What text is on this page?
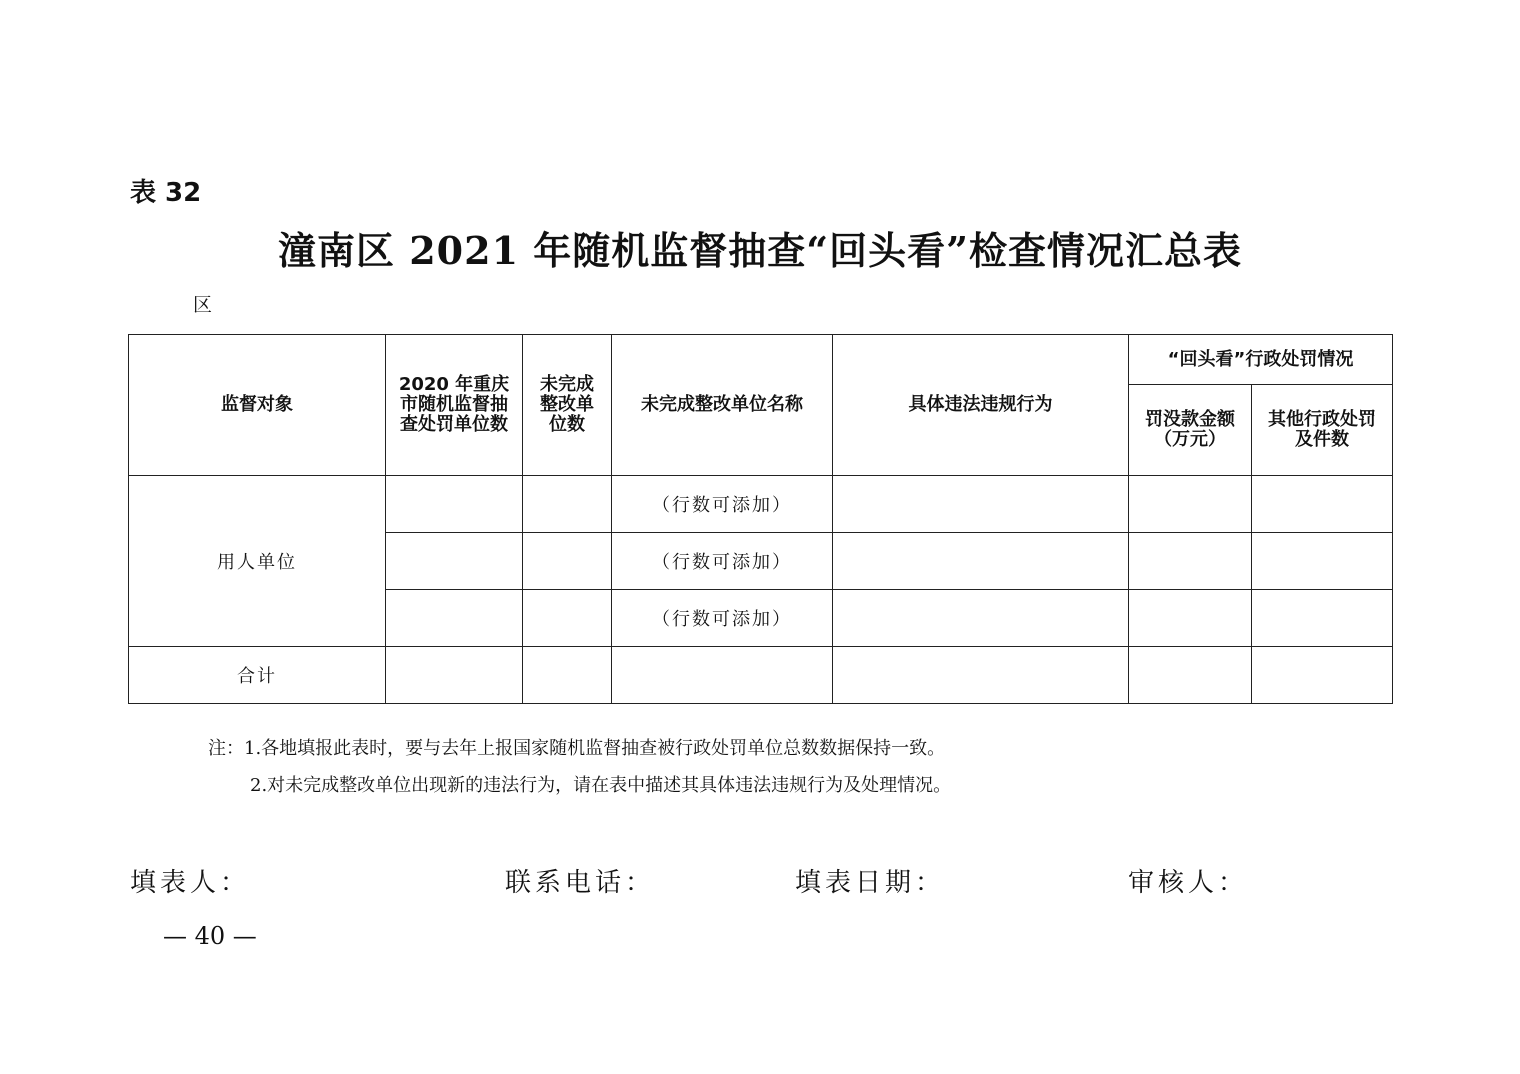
表 32
潼南区 2021 年随机监督抽查“回头看”检查情况汇总表
区
监督对象	2020 年重庆市随机监督抽查处罚单位数	未完成整改单位数	未完成整改单位名称	具体违法违规行为	“回头看”行政处罚情况	
					罚没款金额（万元）	其他行政处罚及件数
用人单位			（行数可添加）			
			（行数可添加）			
			（行数可添加）			
合计						
注：1.各地填报此表时，要与去年上报国家随机监督抽查被行政处罚单位总数数据保持一致。
2.对未完成整改单位出现新的违法行为，请在表中描述其具体违法违规行为及处理情况。
填表人：	联系电话：	填表日期：	审核人：
— 40 —
